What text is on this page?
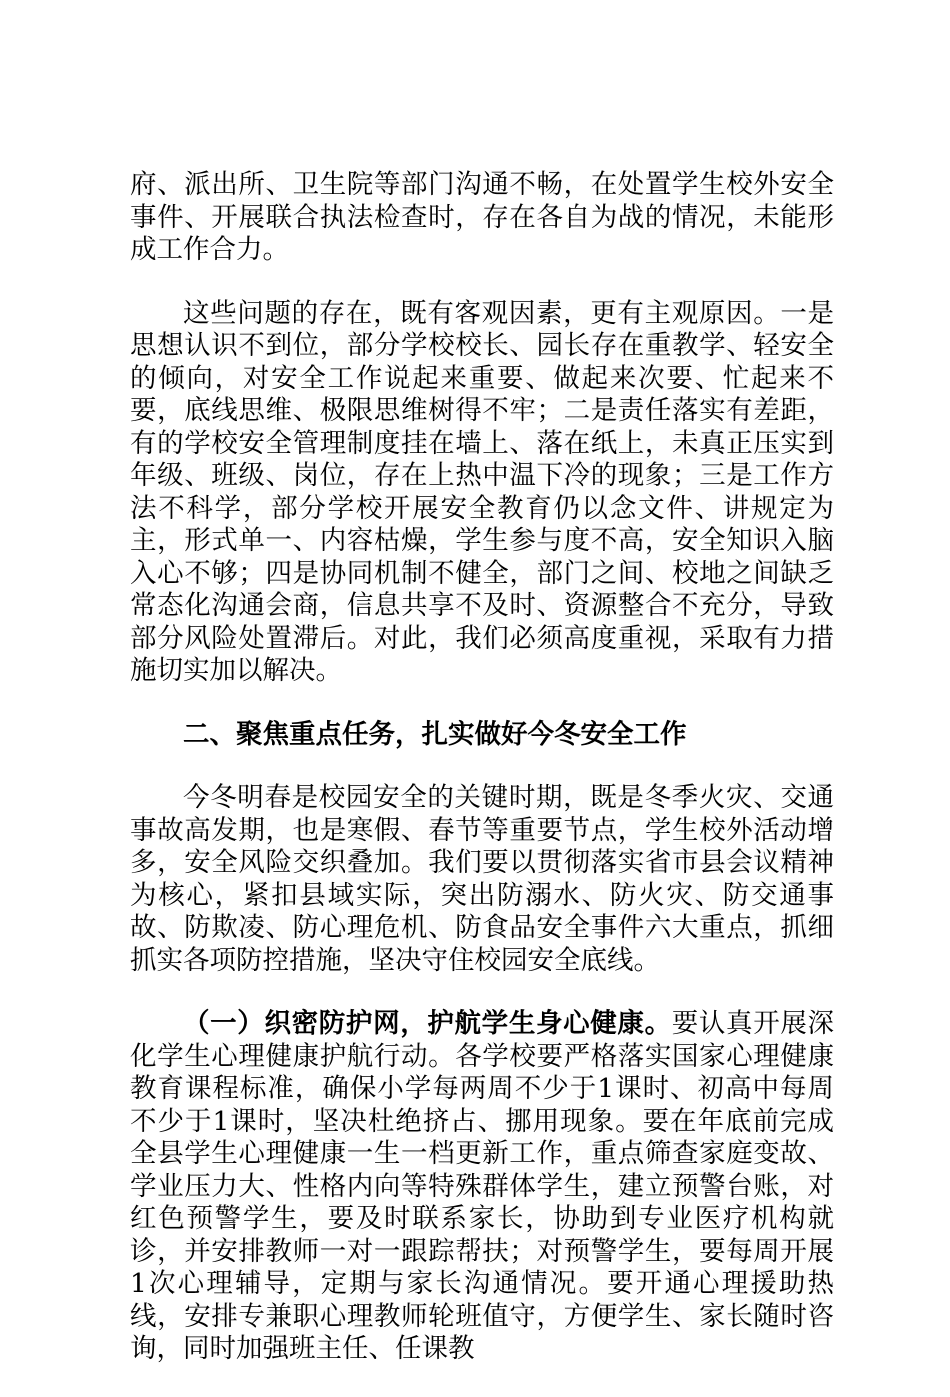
府、派出所、卫生院等部门沟通不畅，在处置学生校外安全事件、开展联合执法检查时，存在各自为战的情况，未能形成工作合力。

这些问题的存在，既有客观因素，更有主观原因。一是思想认识不到位，部分学校校长、园长存在重教学、轻安全的倾向，对安全工作说起来重要、做起来次要、忙起来不要，底线思维、极限思维树得不牢；二是责任落实有差距，有的学校安全管理制度挂在墙上、落在纸上，未真正压实到年级、班级、岗位，存在上热中温下冷的现象；三是工作方法不科学，部分学校开展安全教育仍以念文件、讲规定为主，形式单一、内容枯燥，学生参与度不高，安全知识入脑入心不够；四是协同机制不健全，部门之间、校地之间缺乏常态化沟通会商，信息共享不及时、资源整合不充分，导致部分风险处置滞后。对此，我们必须高度重视，采取有力措施切实加以解决。

二、聚焦重点任务，扎实做好今冬安全工作

今冬明春是校园安全的关键时期，既是冬季火灾、交通事故高发期，也是寒假、春节等重要节点，学生校外活动增多，安全风险交织叠加。我们要以贯彻落实省市县会议精神为核心，紧扣县域实际，突出防溺水、防火灾、防交通事故、防欺凌、防心理危机、防食品安全事件六大重点，抓细抓实各项防控措施，坚决守住校园安全底线。

（一）织密防护网，护航学生身心健康。要认真开展深化学生心理健康护航行动。各学校要严格落实国家心理健康教育课程标准，确保小学每两周不少于1课时、初高中每周不少于1课时，坚决杜绝挤占、挪用现象。要在年底前完成全县学生心理健康一生一档更新工作，重点筛查家庭变故、学业压力大、性格内向等特殊群体学生，建立预警台账，对红色预警学生，要及时联系家长，协助到专业医疗机构就诊，并安排教师一对一跟踪帮扶；对预警学生，要每周开展1次心理辅导，定期与家长沟通情况。要开通心理援助热线，安排专兼职心理教师轮班值守，方便学生、家长随时咨询，同时加强班主任、任课教
